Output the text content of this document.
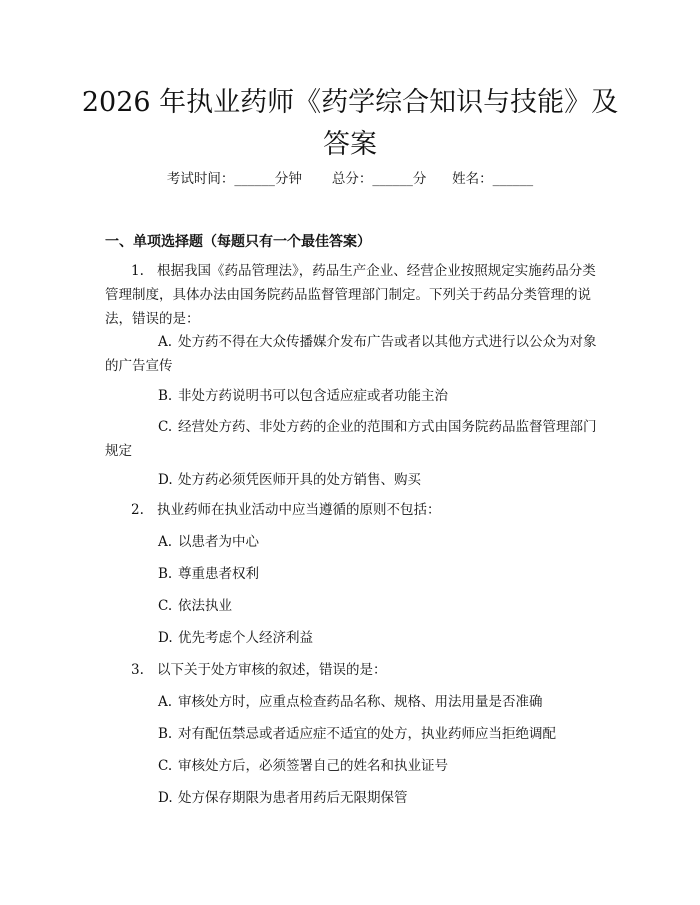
2026 年执业药师《药学综合知识与技能》及答案
考试时间：______分钟 总分：______分 姓名：______
一、单项选择题（每题只有一个最佳答案）

1. 根据我国《药品管理法》，药品生产企业、经营企业按照规定实施药品分类管理制度，具体办法由国务院药品监督管理部门制定。下列关于药品分类管理的说法，错误的是：

A. 处方药不得在大众传播媒介发布广告或者以其他方式进行以公众为对象的广告宣传

B. 非处方药说明书可以包含适应症或者功能主治

C. 经营处方药、非处方药的企业的范围和方式由国务院药品监督管理部门规定

D. 处方药必须凭医师开具的处方销售、购买

2. 执业药师在执业活动中应当遵循的原则不包括：

A. 以患者为中心

B. 尊重患者权利

C. 依法执业

D. 优先考虑个人经济利益

3. 以下关于处方审核的叙述，错误的是：

A. 审核处方时，应重点检查药品名称、规格、用法用量是否准确

B. 对有配伍禁忌或者适应症不适宜的处方，执业药师应当拒绝调配

C. 审核处方后，必须签署自己的姓名和执业证号

D. 处方保存期限为患者用药后无限期保管
